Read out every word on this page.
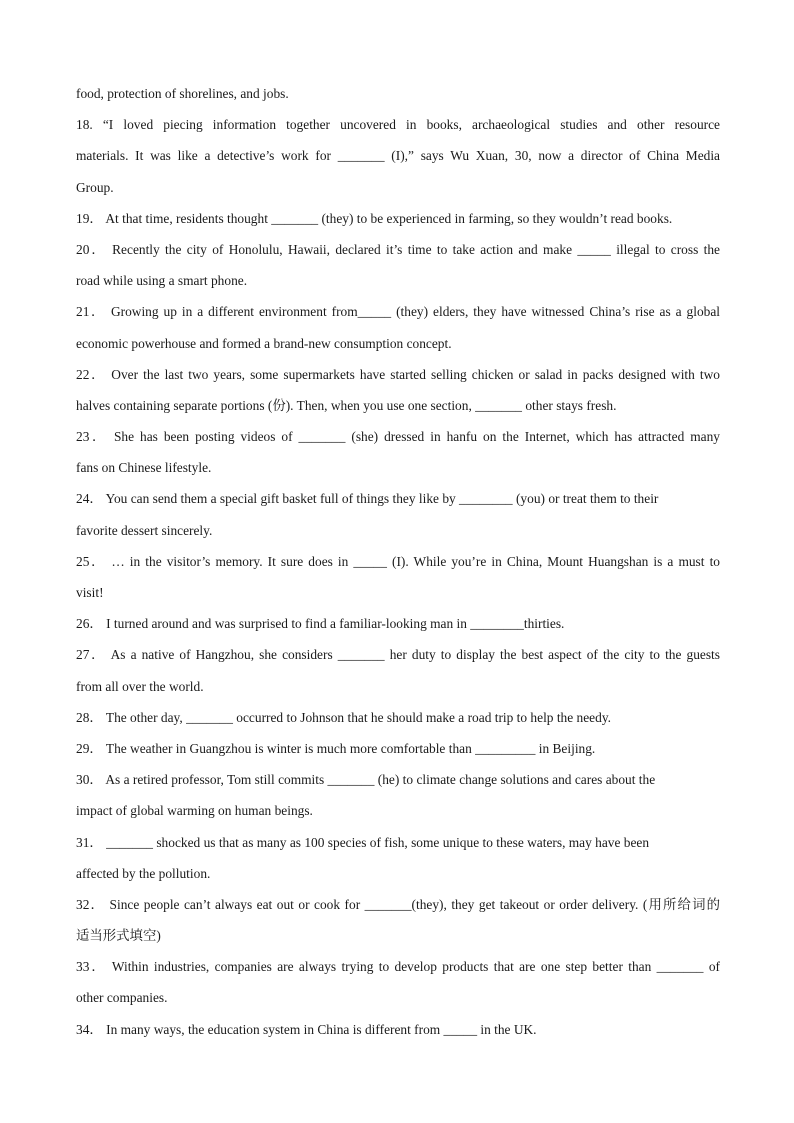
food, protection of shorelines, and jobs.
18. “I loved piecing information together uncovered in books, archaeological studies and other resource
materials. It was like a detective’s work for _______ (I),” says Wu Xuan, 30, now a director of China Media
Group.
19． At that time, residents thought _______ (they) to be experienced in farming, so they wouldn’t read books.
20． Recently the city of Honolulu, Hawaii, declared it’s time to take action and make _____ illegal to cross the
road while using a smart phone.
21． Growing up in a different environment from_____ (they) elders, they have witnessed China’s rise as a global
economic powerhouse and formed a brand-new consumption concept.
22． Over the last two years, some supermarkets have started selling chicken or salad in packs designed with two
halves containing separate portions (份). Then, when you use one section, _______ other stays fresh.
23． She has been posting videos of _______ (she) dressed in hanfu on the Internet, which has attracted many
fans on Chinese lifestyle.
24． You can send them a special gift basket full of things they like by ________ (you) or treat them to their
favorite dessert sincerely.
25． … in the visitor’s memory. It sure does in _____ (I). While you’re in China, Mount Huangshan is a must to
visit!
26． I turned around and was surprised to find a familiar-looking man in ________thirties.
27． As a native of Hangzhou, she considers _______ her duty to display the best aspect of the city to the guests
from all over the world.
28． The other day, _______ occurred to Johnson that he should make a road trip to help the needy.
29． The weather in Guangzhou is winter is much more comfortable than _________ in Beijing.
30． As a retired professor, Tom still commits _______ (he) to climate change solutions and cares about the
impact of global warming on human beings.
31． _______ shocked us that as many as 100 species of fish, some unique to these waters, may have been
affected by the pollution.
32． Since people can’t always eat out or cook for _______(they), they get takeout or order delivery. (用所给词的
适当形式填空)
33． Within industries, companies are always trying to develop products that are one step better than _______ of
other companies.
34． In many ways, the education system in China is different from _____ in the UK.
